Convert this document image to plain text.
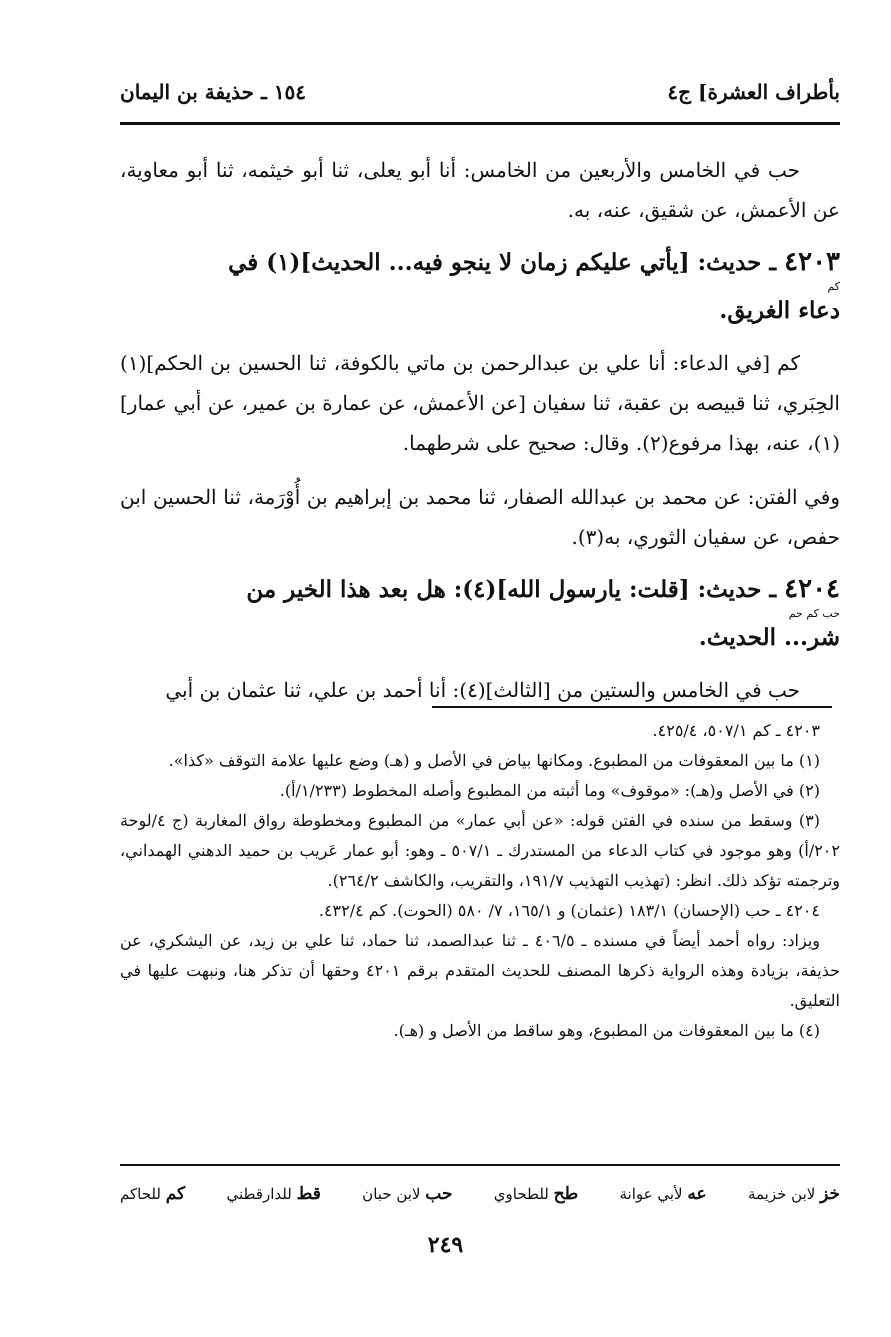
بأطراف العشرة] ج٤
١٥٤ ـ حذيفة بن اليمان

حب في الخامس والأربعين من الخامس: أنا أبو يعلى، ثنا أبو خيثمه، ثنا أبو معاوية، عن الأعمش، عن شقيق، عنه، به.

٤٢٠٣ ـ حديث: [يأتي عليكم زمان لا ينجو فيه... الحديث](١) في
كم
دعاء الغريق.

كم [في الدعاء: أنا علي بن عبدالرحمن بن ماتي بالكوفة، ثنا الحسين بن الحكم](١) الحِبَري، ثنا قبيصه بن عقبة، ثنا سفيان [عن الأعمش، عن عمارة بن عمير، عن أبي عمار](١)، عنه، بهذا مرفوع(٢). وقال: صحيح على شرطهما.

وفي الفتن: عن محمد بن عبدالله الصفار، ثنا محمد بن إبراهيم بن أُوْرَمة، ثنا الحسين ابن حفص، عن سفيان الثوري، به(٣).

٤٢٠٤ ـ حديث: [قلت: يارسول الله](٤): هل بعد هذا الخير من
حب كم حم
شر... الحديث.

حب في الخامس والستين من [الثالث](٤): أنا أحمد بن علي، ثنا عثمان بن أبي

٤٢٠٣ ـ كم ٥٠٧/١، ٤٢٥/٤.

(١) ما بين المعقوفات من المطبوع. ومكانها بياض في الأصل و (هـ) وضع عليها علامة التوقف «كذا».

(٢) في الأصل و(هـ): «موقوف» وما أثبته من المطبوع وأصله المخطوط (١/٢٣٣/أ).

(٣) وسقط من سنده في الفتن قوله: «عن أبي عمار» من المطبوع ومخطوطة رواق المغاربة (ج ٤/لوحة ٢٠٢/أ) وهو موجود في كتاب الدعاء من المستدرك ـ ٥٠٧/١ ـ وهو: أبو عمار عَريب بن حميد الدهني الهمداني، وترجمته تؤكد ذلك. انظر: (تهذيب التهذيب ١٩١/٧، والتقريب، والكاشف ٢٦٤/٢).

٤٢٠٤ ـ حب (الإحسان) ١٨٣/١ (عثمان) و ١٦٥/١، ٧/ ٥٨٠ (الحوت). كم ٤٣٢/٤.

ويزاد: رواه أحمد أيضاً في مسنده ـ ٤٠٦/٥ ـ ثنا عبدالصمد، ثنا حماد، ثنا علي بن زيد، عن اليشكري، عن حذيفة، بزيادة وهذه الرواية ذكرها المصنف للحديث المتقدم برقم ٤٢٠١ وحقها أن تذكر هنا، ونبهت عليها في التعليق.

(٤) ما بين المعقوفات من المطبوع، وهو ساقط من الأصل و (هـ).

خز لابن خزيمة
عه لأبي عوانة
طح للطحاوي
حب لابن حبان
قط للدارقطني
كم للحاكم
٢٤٩
